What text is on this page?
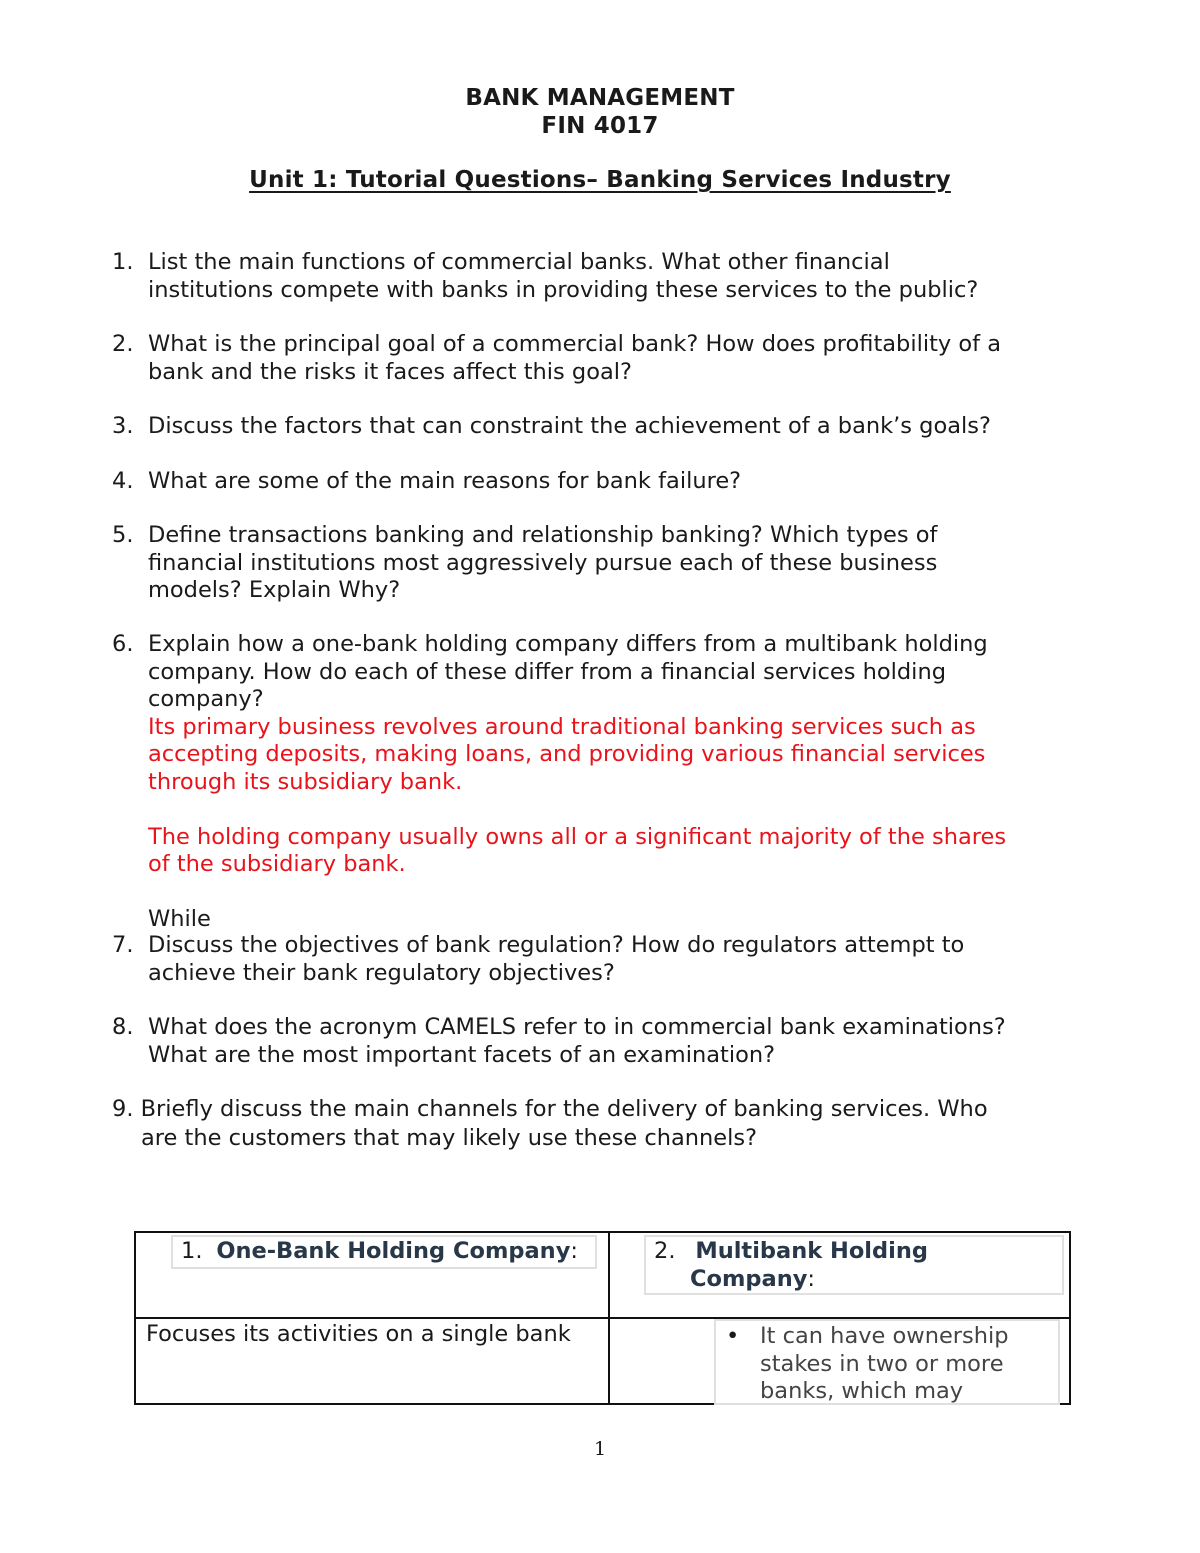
BANK MANAGEMENT
FIN 4017
Unit 1: Tutorial Questions– Banking Services Industry
1. List the main functions of commercial banks. What other financial

institutions compete with banks in providing these services to the public?

2. What is the principal goal of a commercial bank? How does profitability of a

bank and the risks it faces affect this goal?

3. Discuss the factors that can constraint the achievement of a bank’s goals?

4. What are some of the main reasons for bank failure?

5. Define transactions banking and relationship banking? Which types of

financial institutions most aggressively pursue each of these business

models? Explain Why?

6. Explain how a one-bank holding company differs from a multibank holding

company. How do each of these differ from a financial services holding

company?

Its primary business revolves around traditional banking services such as

accepting deposits, making loans, and providing various financial services

through its subsidiary bank.

The holding company usually owns all or a significant majority of the shares

of the subsidiary bank.

While

7. Discuss the objectives of bank regulation? How do regulators attempt to

achieve their bank regulatory objectives?

8. What does the acronym CAMELS refer to in commercial bank examinations?

What are the most important facets of an examination?

9. Briefly discuss the main channels for the delivery of banking services. Who
are the customers that may likely use these channels?
1. One-Bank Holding Company:	2. Multibank Holding
Company:

Focuses its activities on a single bank	• It can have ownership
stakes in two or more
banks, which may
1
